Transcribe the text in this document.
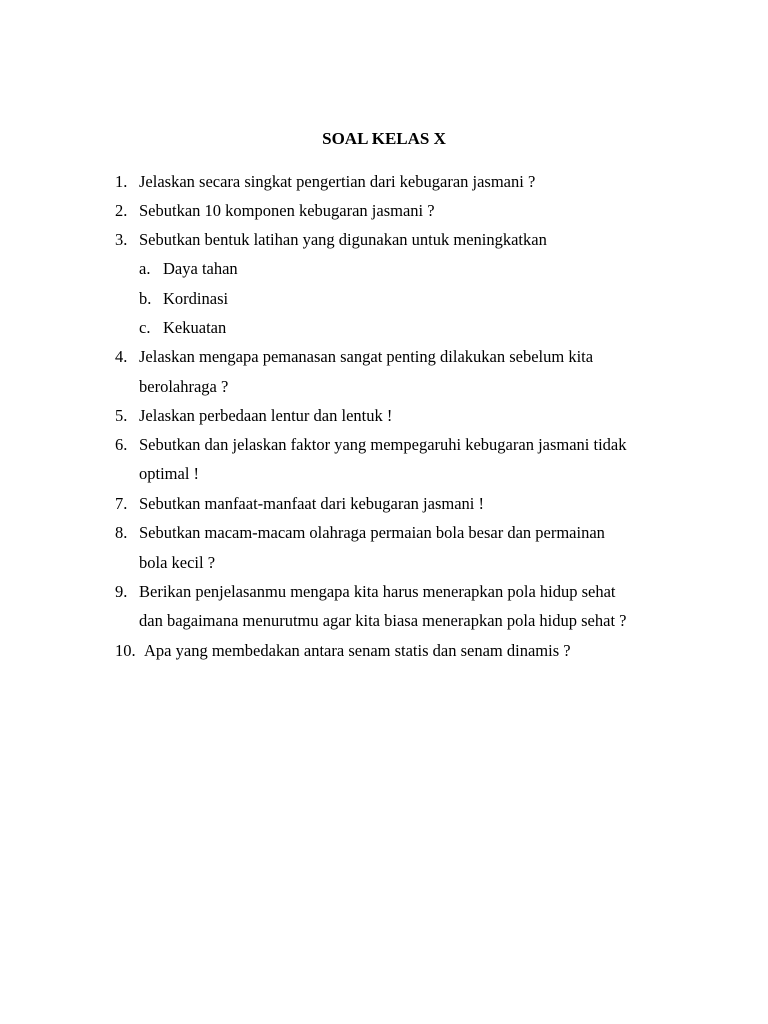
SOAL KELAS X
1. Jelaskan secara singkat pengertian dari kebugaran jasmani ?
2. Sebutkan 10 komponen kebugaran jasmani ?
3. Sebutkan bentuk latihan yang digunakan untuk meningkatkan
a. Daya tahan
b. Kordinasi
c. Kekuatan
4. Jelaskan mengapa pemanasan sangat penting dilakukan sebelum kita
berolahraga ?
5. Jelaskan perbedaan lentur dan lentuk !
6. Sebutkan dan jelaskan faktor yang mempegaruhi kebugaran jasmani tidak
optimal !
7. Sebutkan manfaat-manfaat dari kebugaran jasmani !
8. Sebutkan macam-macam olahraga permaian bola besar dan permainan
bola kecil ?
9. Berikan penjelasanmu mengapa kita harus menerapkan pola hidup sehat
dan bagaimana menurutmu agar kita biasa menerapkan pola hidup sehat ?
10. Apa yang membedakan antara senam statis dan senam dinamis ?
